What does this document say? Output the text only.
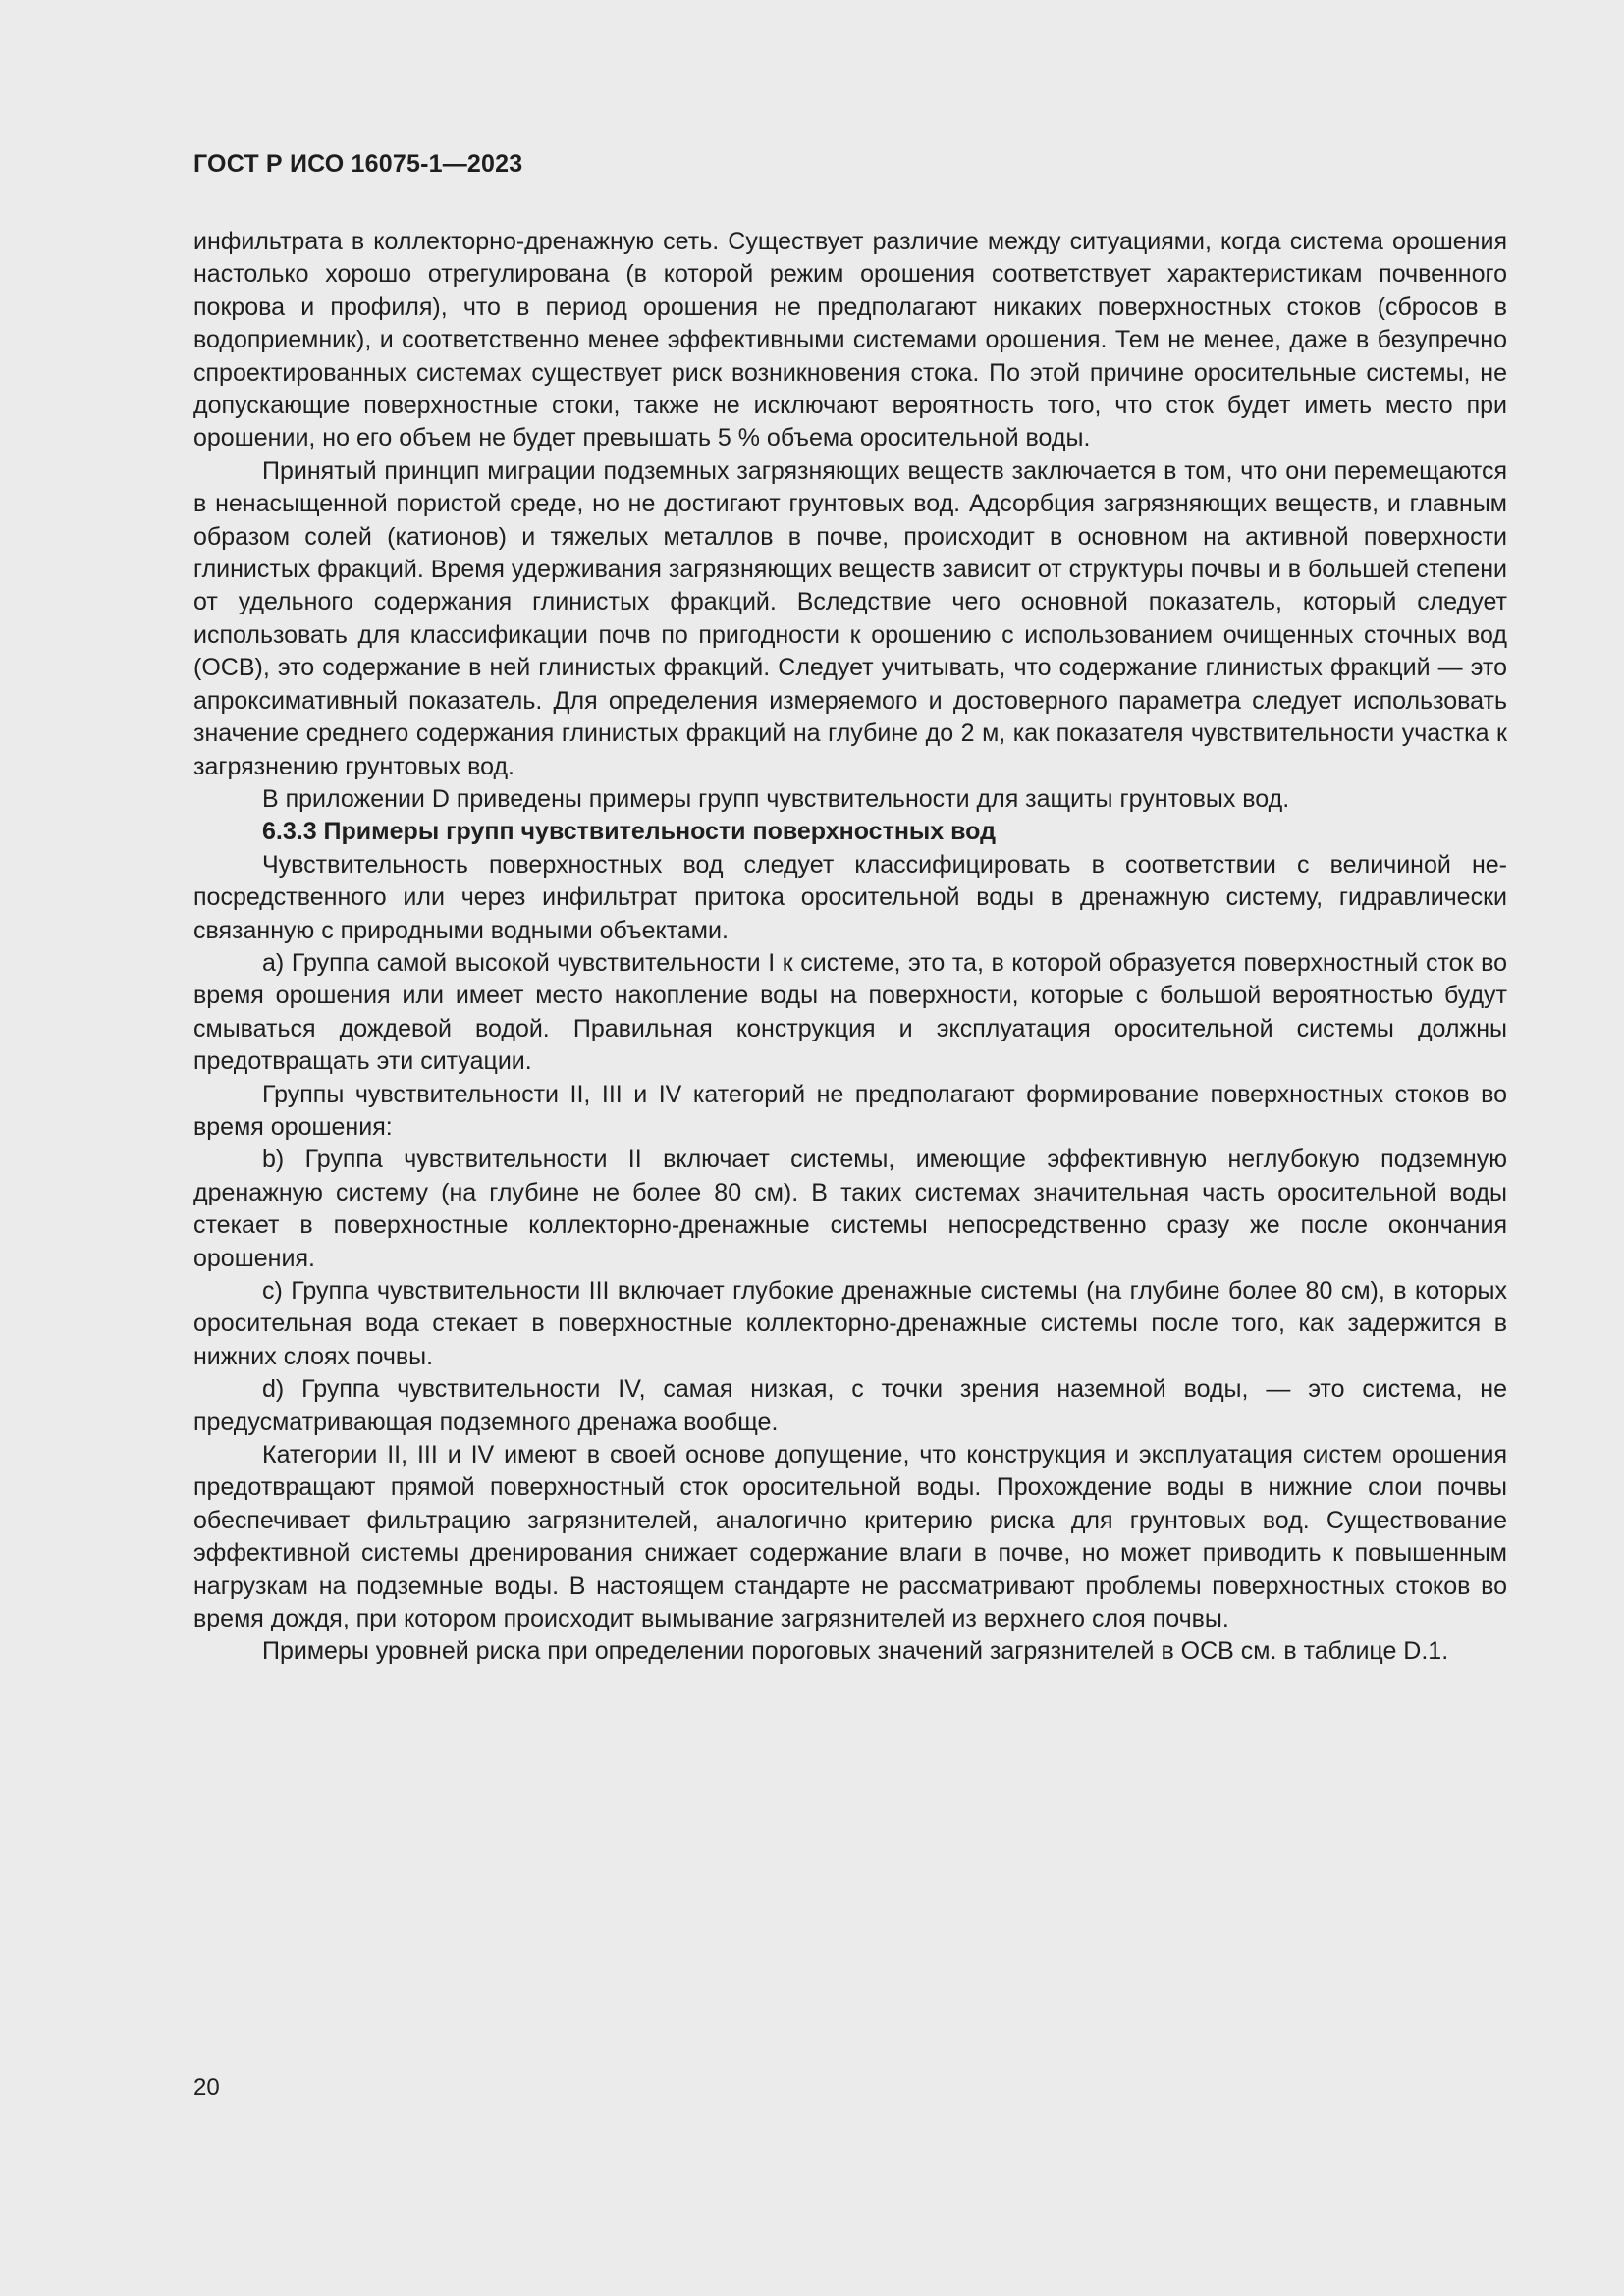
ГОСТ Р ИСО 16075-1—2023

инфильтрата в коллекторно-дренажную сеть. Существует различие между ситуациями, когда система орошения настолько хорошо отрегулирована (в которой режим орошения соответствует характеристикам почвенного покрова и профиля), что в период орошения не предполагают никаких поверхностных стоков (сбросов в водоприемник), и соответственно менее эффективными системами орошения. Тем не менее, даже в безупречно спроектированных системах существует риск возникновения стока. По этой причине оросительные системы, не допускающие поверхностные стоки, также не исключают вероятность того, что сток будет иметь место при орошении, но его объем не будет превышать 5 % объема оросительной воды.

Принятый принцип миграции подземных загрязняющих веществ заключается в том, что они перемещаются в ненасыщенной пористой среде, но не достигают грунтовых вод. Адсорбция загрязняющих веществ, и главным образом солей (катионов) и тяжелых металлов в почве, происходит в основном на активной поверхности глинистых фракций. Время удерживания загрязняющих веществ зависит от структуры почвы и в большей степени от удельного содержания глинистых фракций. Вследствие чего основной показатель, который следует использовать для классификации почв по пригодности к орошению с использованием очищенных сточных вод (ОСВ), это содержание в ней глинистых фракций. Следует учитывать, что содержание глинистых фракций — это апроксимативный показатель. Для определения измеряемого и достоверного параметра следует использовать значение среднего содержания глинистых фракций на глубине до 2 м, как показателя чувствительности участка к загрязнению грунтовых вод.

В приложении D приведены примеры групп чувствительности для защиты грунтовых вод.

6.3.3 Примеры групп чувствительности поверхностных вод

Чувствительность поверхностных вод следует классифицировать в соответствии с величиной непосредственного или через инфильтрат притока оросительной воды в дренажную систему, гидравлически связанную с природными водными объектами.

a) Группа самой высокой чувствительности I к системе, это та, в которой образуется поверхностный сток во время орошения или имеет место накопление воды на поверхности, которые с большой вероятностью будут смываться дождевой водой. Правильная конструкция и эксплуатация оросительной системы должны предотвращать эти ситуации.

Группы чувствительности II, III и IV категорий не предполагают формирование поверхностных стоков во время орошения:

b) Группа чувствительности II включает системы, имеющие эффективную неглубокую подземную дренажную систему (на глубине не более 80 см). В таких системах значительная часть оросительной воды стекает в поверхностные коллекторно-дренажные системы непосредственно сразу же после окончания орошения.

c) Группа чувствительности III включает глубокие дренажные системы (на глубине более 80 см), в которых оросительная вода стекает в поверхностные коллекторно-дренажные системы после того, как задержится в нижних слоях почвы.

d) Группа чувствительности IV, самая низкая, с точки зрения наземной воды, — это система, не предусматривающая подземного дренажа вообще.

Категории II, III и IV имеют в своей основе допущение, что конструкция и эксплуатация систем орошения предотвращают прямой поверхностный сток оросительной воды. Прохождение воды в нижние слои почвы обеспечивает фильтрацию загрязнителей, аналогично критерию риска для грунтовых вод. Существование эффективной системы дренирования снижает содержание влаги в почве, но может приводить к повышенным нагрузкам на подземные воды. В настоящем стандарте не рассматривают проблемы поверхностных стоков во время дождя, при котором происходит вымывание загрязнителей из верхнего слоя почвы.

Примеры уровней риска при определении пороговых значений загрязнителей в ОСВ см. в таблице D.1.

20
